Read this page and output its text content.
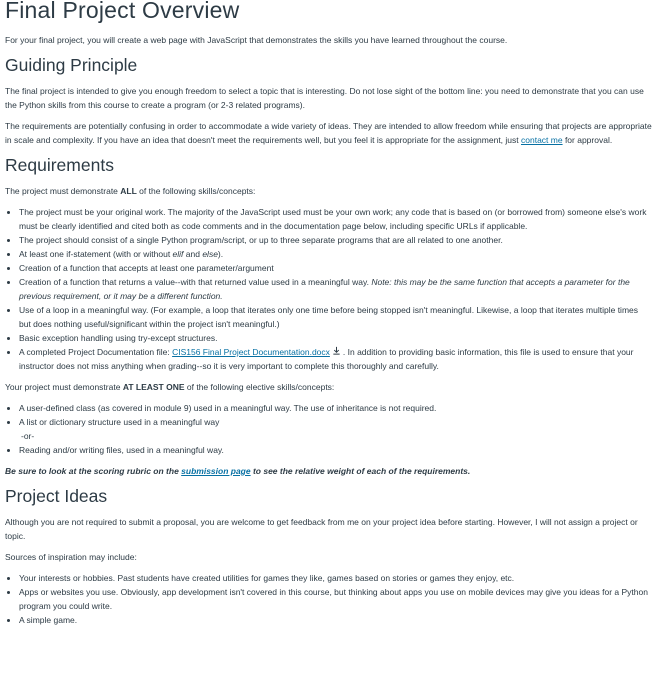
Final Project Overview

For your final project, you will create a web page with JavaScript that demonstrates the skills you have learned throughout the course.

Guiding Principle

The final project is intended to give you enough freedom to select a topic that is interesting. Do not lose sight of the bottom line: you need to demonstrate that you can use the Python skills from this course to create a program (or 2-3 related programs).

The requirements are potentially confusing in order to accommodate a wide variety of ideas. They are intended to allow freedom while ensuring that projects are appropriate in scale and complexity. If you have an idea that doesn't meet the requirements well, but you feel it is appropriate for the assignment, just contact me for approval.

Requirements

The project must demonstrate ALL of the following skills/concepts:

• The project must be your original work. The majority of the JavaScript used must be your own work; any code that is based on (or borrowed from) someone else's work must be clearly identified and cited both as code comments and in the documentation page below, including specific URLs if applicable.
• The project should consist of a single Python program/script, or up to three separate programs that are all related to one another.
• At least one if-statement (with or without elif and else).
• Creation of a function that accepts at least one parameter/argument
• Creation of a function that returns a value--with that returned value used in a meaningful way. Note: this may be the same function that accepts a parameter for the previous requirement, or it may be a different function.
• Use of a loop in a meaningful way. (For example, a loop that iterates only one time before being stopped isn't meaningful. Likewise, a loop that iterates multiple times but does nothing useful/significant within the project isn't meaningful.)
• Basic exception handling using try-except structures.
• A completed Project Documentation file: CIS156 Final Project Documentation.docx . In addition to providing basic information, this file is used to ensure that your instructor does not miss anything when grading--so it is very important to complete this thoroughly and carefully.

Your project must demonstrate AT LEAST ONE of the following elective skills/concepts:

• A user-defined class (as covered in module 9) used in a meaningful way. The use of inheritance is not required.
• A list or dictionary structure used in a meaningful way
-or-
• Reading and/or writing files, used in a meaningful way.

Be sure to look at the scoring rubric on the submission page to see the relative weight of each of the requirements.

Project Ideas

Although you are not required to submit a proposal, you are welcome to get feedback from me on your project idea before starting. However, I will not assign a project or topic.

Sources of inspiration may include:

• Your interests or hobbies. Past students have created utilities for games they like, games based on stories or games they enjoy, etc.
• Apps or websites you use. Obviously, app development isn't covered in this course, but thinking about apps you use on mobile devices may give you ideas for a Python program you could write.
• A simple game.
